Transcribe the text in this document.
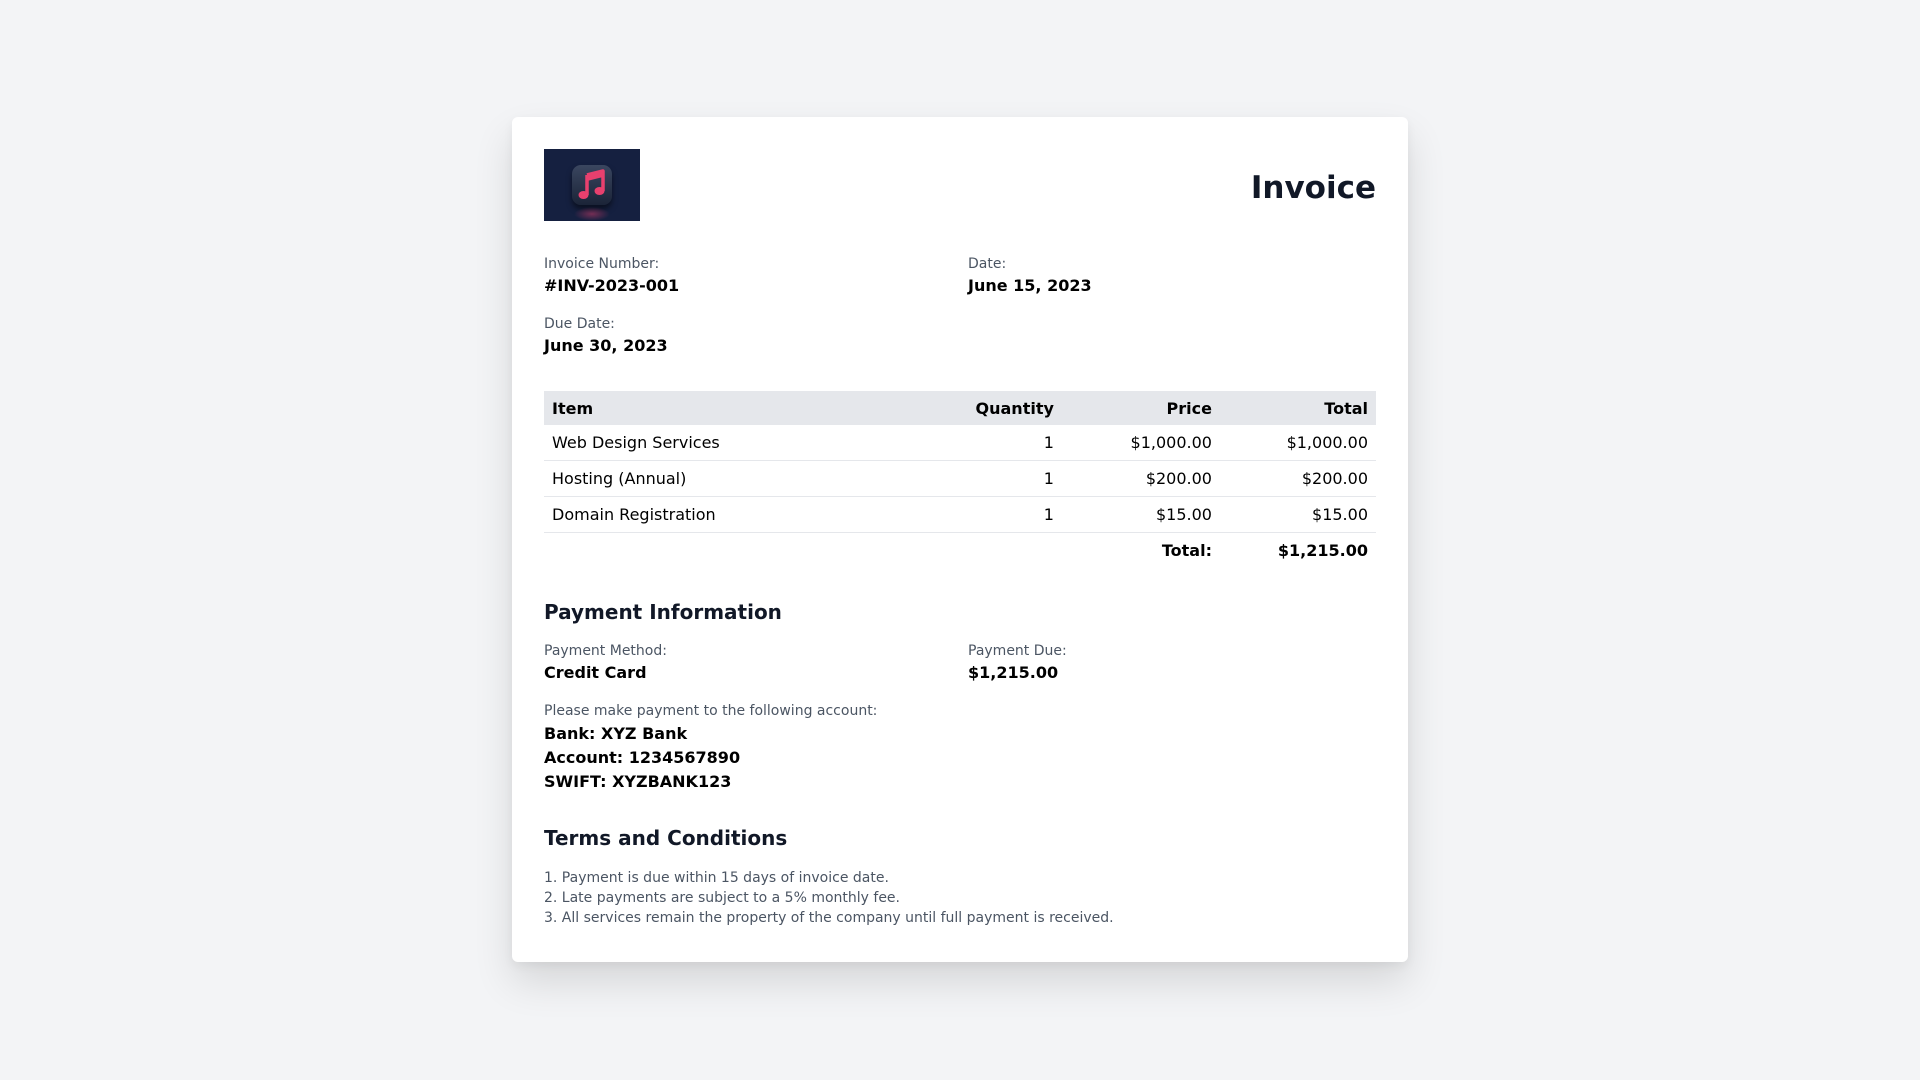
Invoice
Invoice Number:
#INV-2023-001
Date:
June 15, 2023
Due Date:
June 30, 2023
Item	Quantity	Price	Total
Web Design Services	1	$1,000.00	$1,000.00
Hosting (Annual)	1	$200.00	$200.00
Domain Registration	1	$15.00	$15.00
		Total:	$1,215.00
Payment Information
Payment Method:
Credit Card
Payment Due:
$1,215.00
Please make payment to the following account:
Bank: XYZ Bank
Account: 1234567890
SWIFT: XYZBANK123
Terms and Conditions
1. Payment is due within 15 days of invoice date.
2. Late payments are subject to a 5% monthly fee.
3. All services remain the property of the company until full payment is received.
